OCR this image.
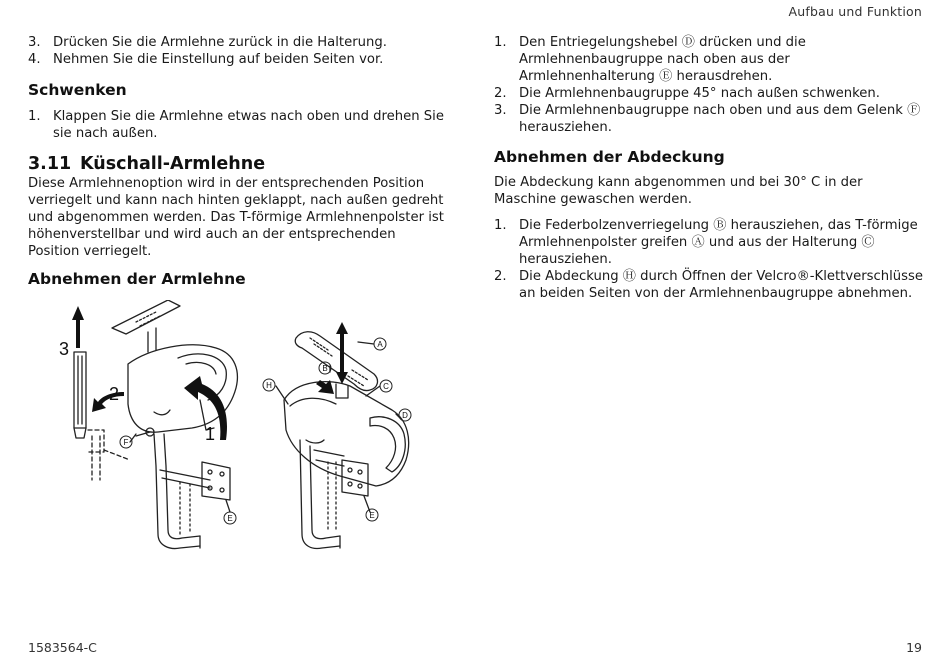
Aufbau und Funktion
3. Drücken Sie die Armlehne zurück in die Halterung.
4. Nehmen Sie die Einstellung auf beiden Seiten vor.
Schwenken
1. Klappen Sie die Armlehne etwas nach oben und drehen Sie sie nach außen.
3.11 Küschall-Armlehne

Diese Armlehnenoption wird in der entsprechenden Position verriegelt und kann nach hinten geklappt, nach außen gedreht und abgenommen werden. Das T-förmige Armlehnenpolster ist höhenverstellbar und wird auch an der entsprechenden Position verriegelt.

Abnehmen der Armlehne
3
2
1
F
E
A
B
C
D
H
E
1. Den Entriegelungshebel Ⓓ drücken und die Armlehnenbaugruppe nach oben aus der Armlehnenhalterung Ⓔ herausdrehen.
2. Die Armlehnenbaugruppe 45° nach außen schwenken.
3. Die Armlehnenbaugruppe nach oben und aus dem Gelenk Ⓕ herausziehen.
Abnehmen der Abdeckung

Die Abdeckung kann abgenommen und bei 30° C in der Maschine gewaschen werden.

1. Die Federbolzenverriegelung Ⓑ herausziehen, das T-förmige Armlehnenpolster greifen Ⓐ und aus der Halterung Ⓒ herausziehen.
2. Die Abdeckung Ⓗ durch Öffnen der Velcro®-Klettverschlüsse an beiden Seiten von der Armlehnenbaugruppe abnehmen.
1583564-C	19
